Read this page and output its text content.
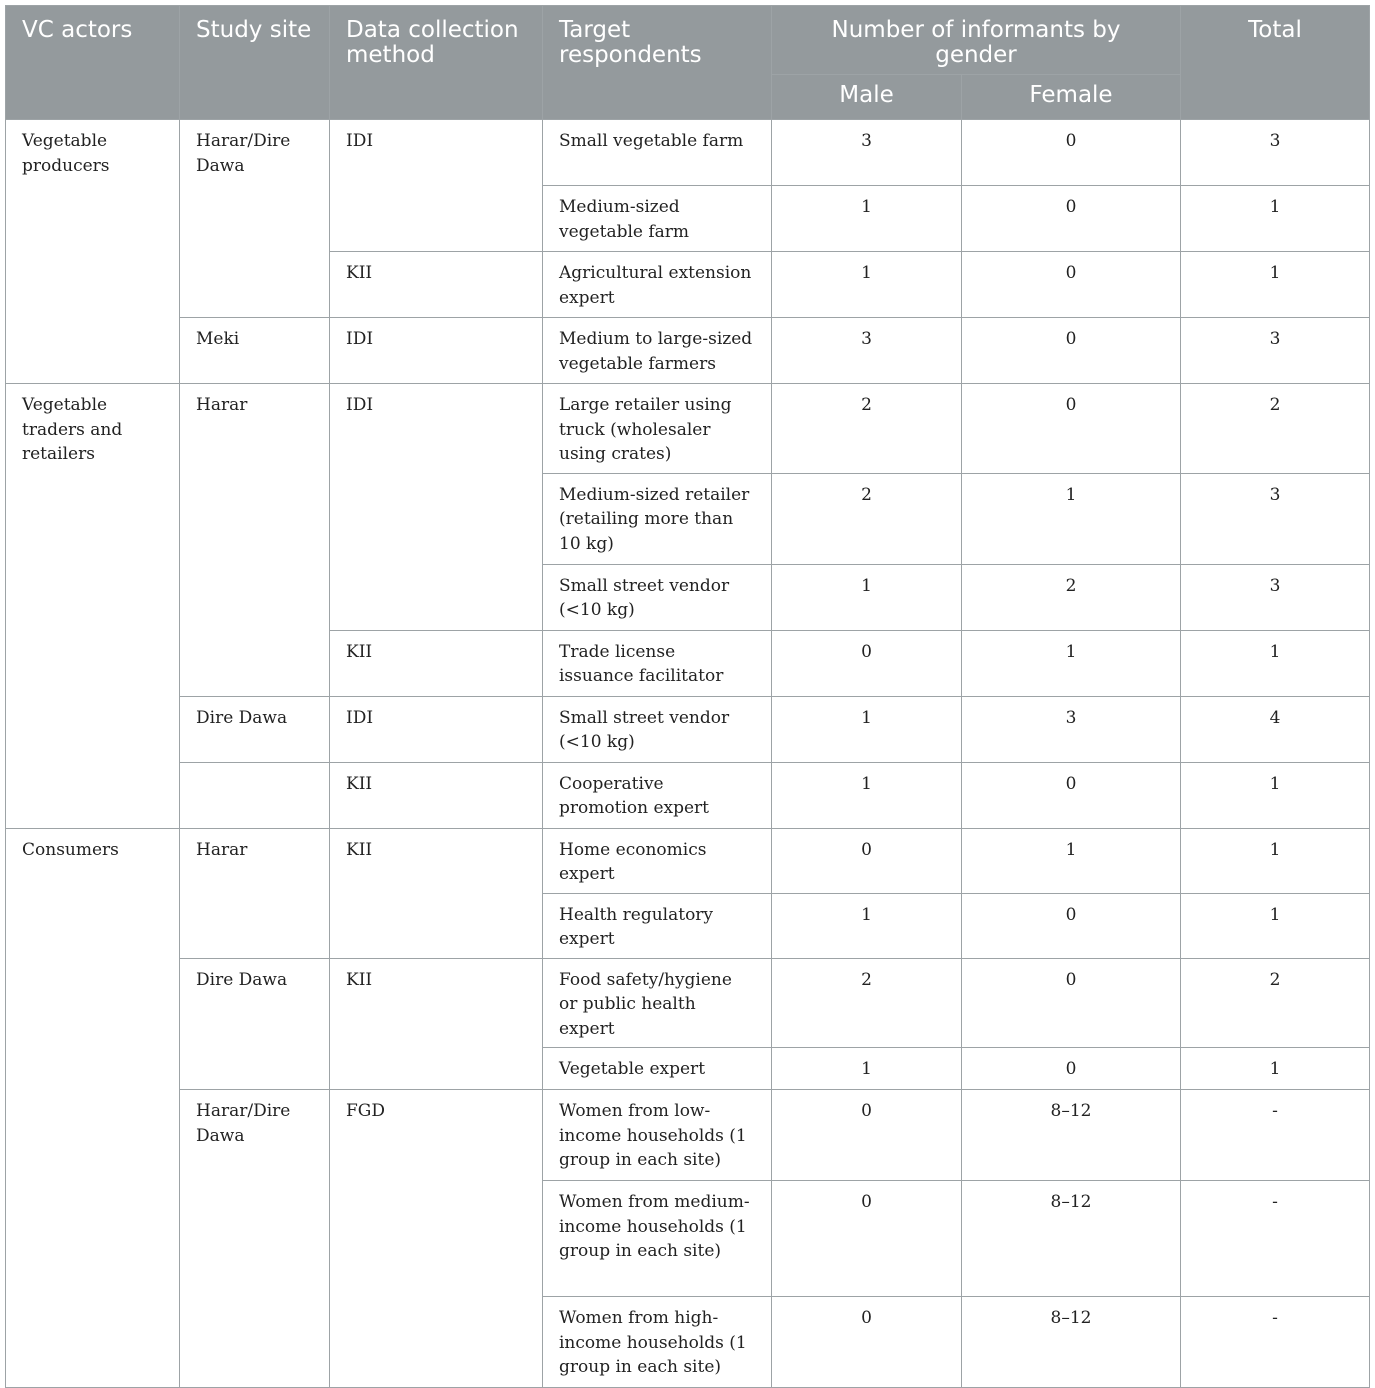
VC actors	Study site	Data collection method	Target respondents	Number of informants by gender		Total
				Male	Female	
Vegetable producers	Harar/Dire Dawa	IDI	Small vegetable farm	3	0	3
			Medium-sized vegetable farm	1	0	1
		KII	Agricultural extension expert	1	0	1
	Meki	IDI	Medium to large-sized vegetable farmers	3	0	3
Vegetable traders and retailers	Harar	IDI	Large retailer using truck (wholesaler using crates)	2	0	2
			Medium-sized retailer (retailing more than 10 kg)	2	1	3
			Small street vendor (<10 kg)	1	2	3
		KII	Trade license issuance facilitator	0	1	1
	Dire Dawa	IDI	Small street vendor (<10 kg)	1	3	4
		KII	Cooperative promotion expert	1	0	1
Consumers	Harar	KII	Home economics expert	0	1	1
			Health regulatory expert	1	0	1
	Dire Dawa	KII	Food safety/hygiene or public health expert	2	0	2
			Vegetable expert	1	0	1
	Harar/Dire Dawa	FGD	Women from low-income households (1 group in each site)	0	8–12	-
			Women from medium-income households (1 group in each site)	0	8–12	-
			Women from high-income households (1 group in each site)	0	8–12	-
